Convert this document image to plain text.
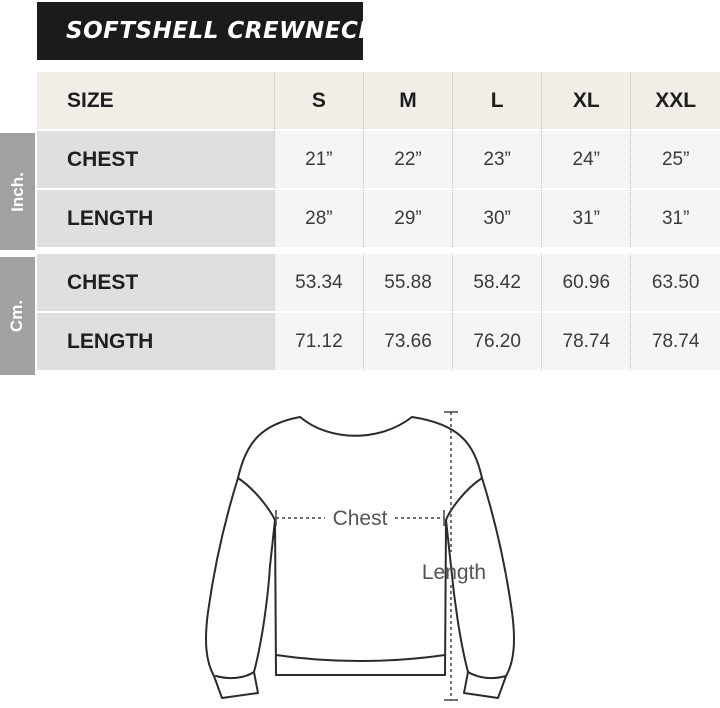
SOFTSHELL CREWNECK
Inch.
Cm.
SIZE	S	M	L	XL	XXL
CHEST	21”	22”	23”	24”	25”
LENGTH	28”	29”	30”	31”	31”

CHEST	53.34	55.88	58.42	60.96	63.50
LENGTH	71.12	73.66	76.20	78.74	78.74
Chest
Length
